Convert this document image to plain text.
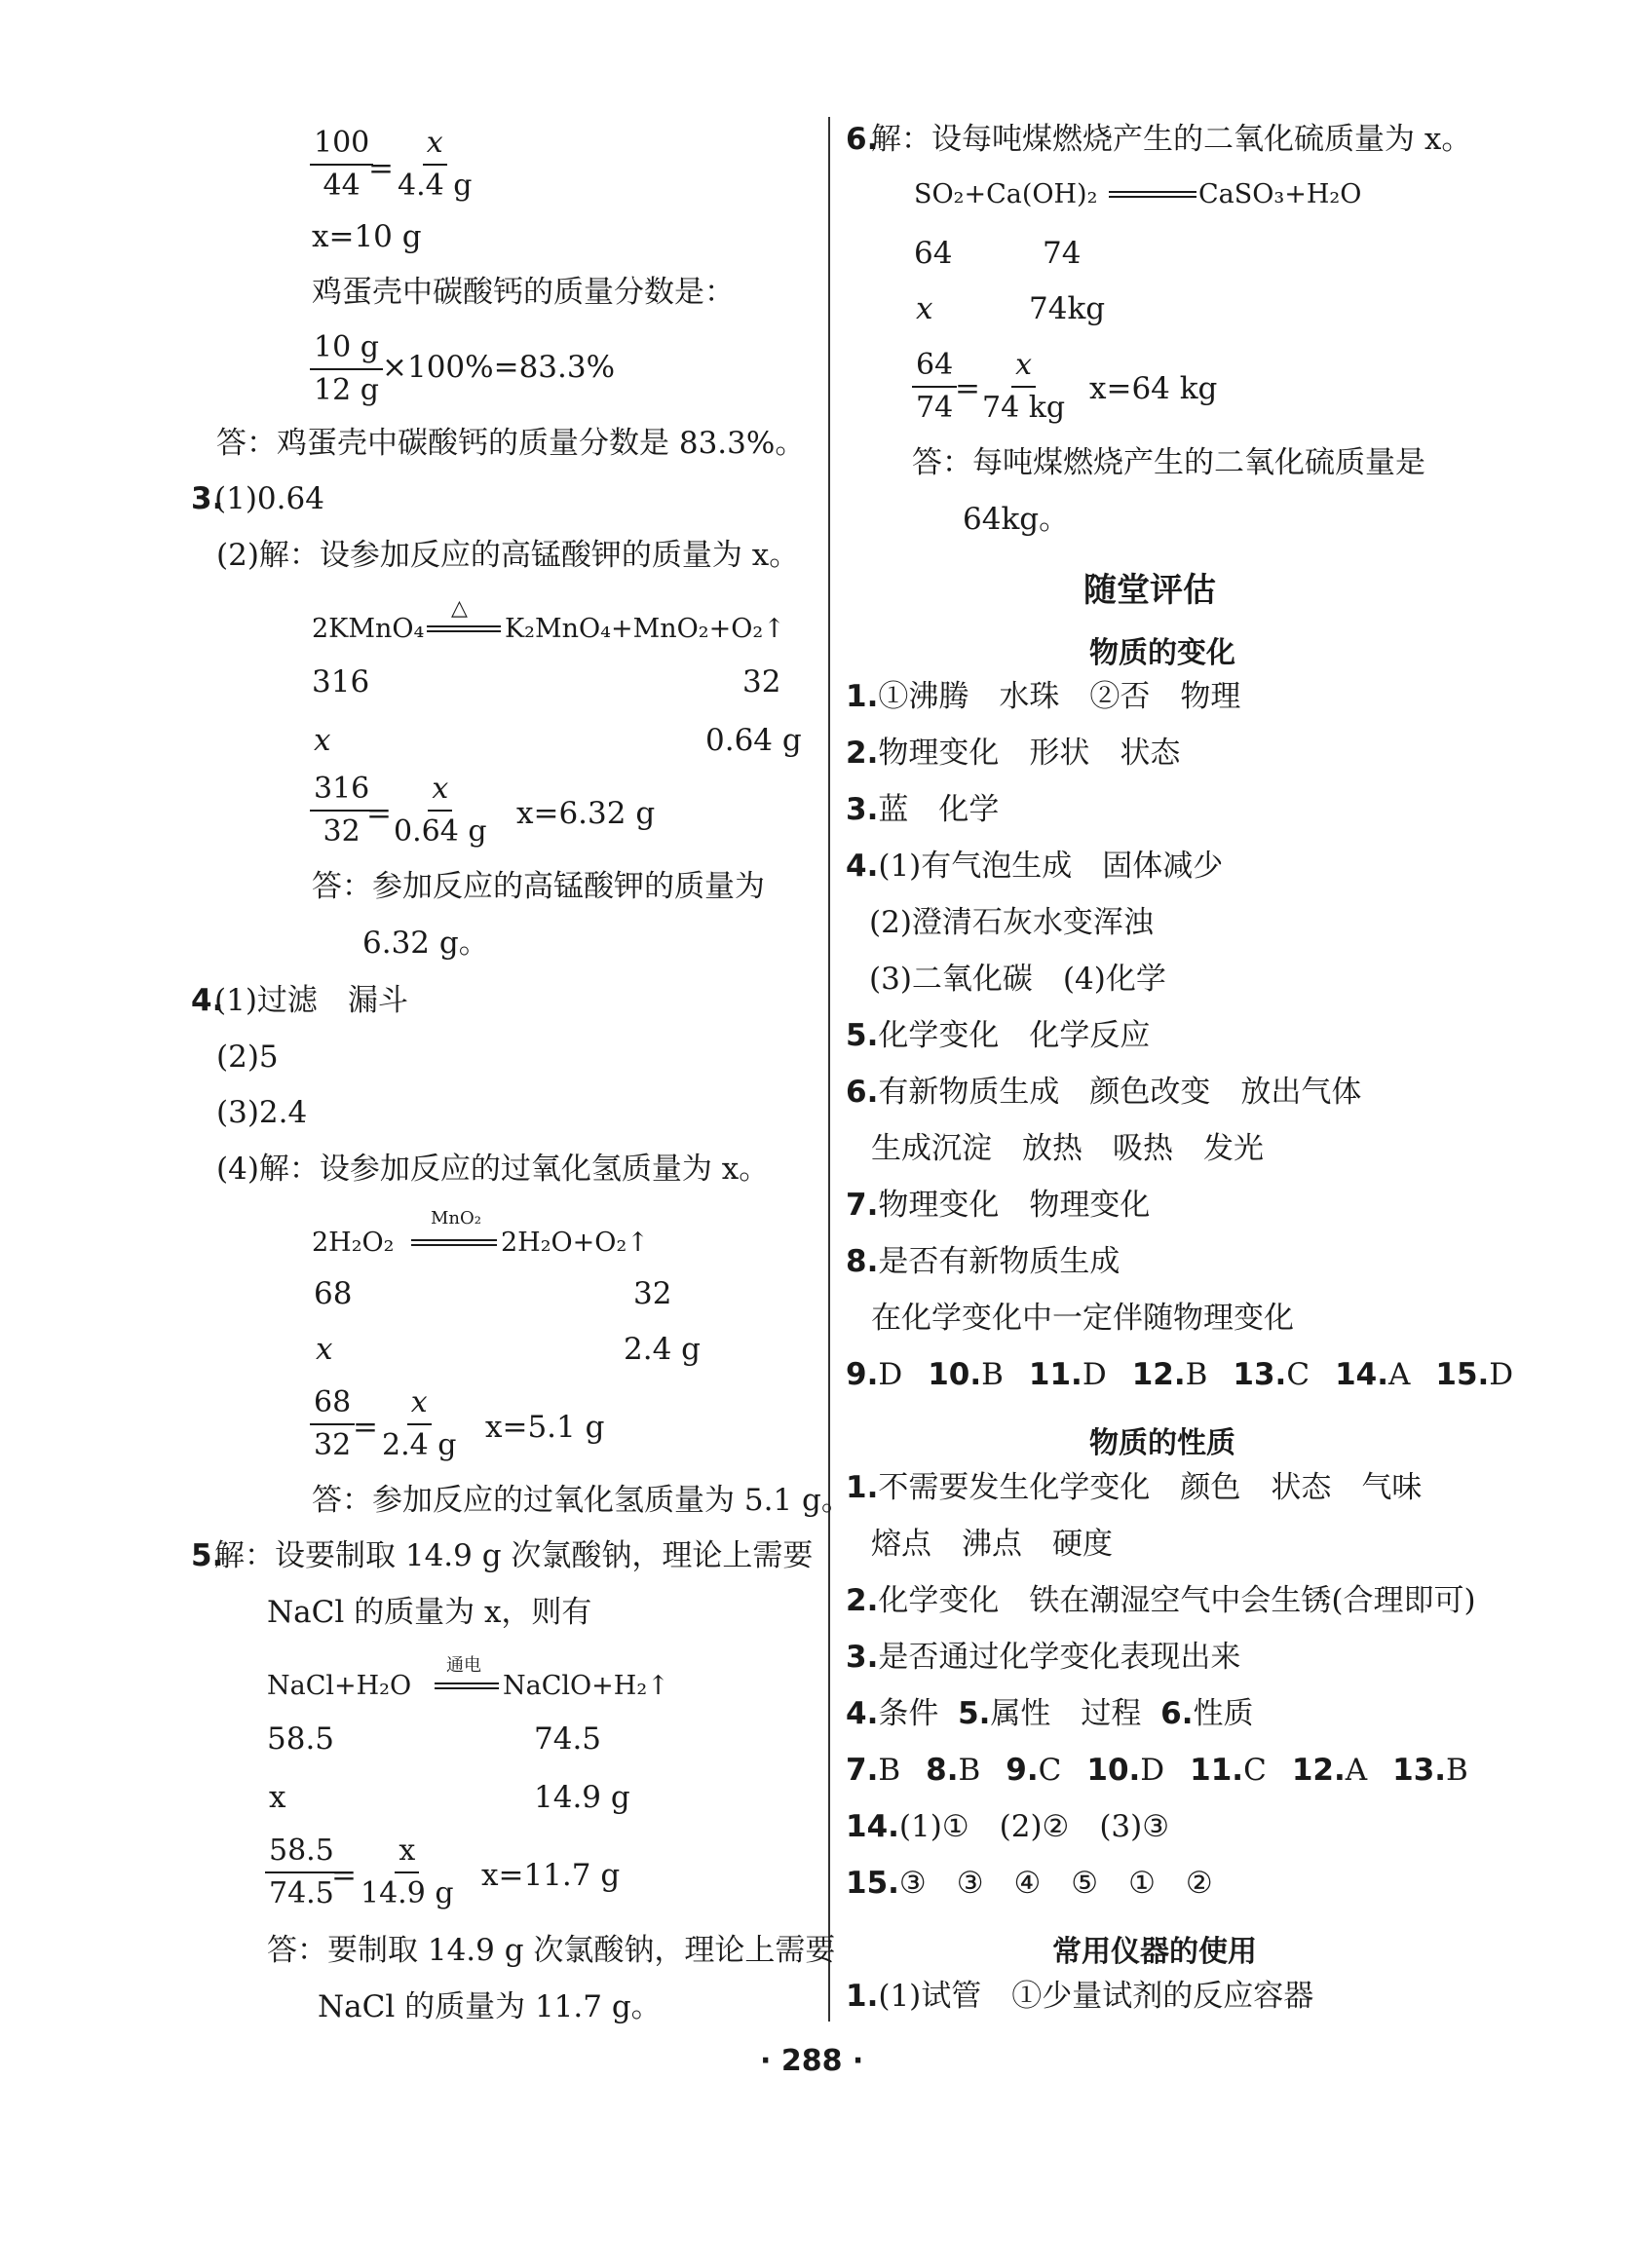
100
44 =
x
4.4 g
x=10 g
鸡蛋壳中碳酸钙的质量分数是：
10 g
12 g
×100%=83.3%
答：鸡蛋壳中碳酸钙的质量分数是 83.3%。
3.
(1)0.64
(2)解：设参加反应的高锰酸钾的质量为 x。
2KMnO₄
△
K₂MnO₄+MnO₂+O₂↑
316	32
x	0.64 g
316
32
=
x
0.64 g
x=6.32 g
答：参加反应的高锰酸钾的质量为
6.32 g。
4.
(1)过滤　漏斗
(2)5
(3)2.4
(4)解：设参加反应的过氧化氢质量为 x。
2H₂O₂
MnO₂
2H₂O+O₂↑
68	32
x	2.4 g
68
32
=
x
2.4 g
x=5.1 g
答：参加反应的过氧化氢质量为 5.1 g。
5.
解：设要制取 14.9 g 次氯酸钠，理论上需要
NaCl 的质量为 x，则有
NaCl+H₂O
通电
NaClO+H₂↑
58.5	74.5
x	14.9 g
58.5
74.5
=
x
14.9 g
x=11.7 g
答：要制取 14.9 g 次氯酸钠，理论上需要
NaCl 的质量为 11.7 g。
6.
解：设每吨煤燃烧产生的二氧化硫质量为 x。
SO₂+Ca(OH)₂	CaSO₃+H₂O
64	74
x	74kg
64
74
=
x
74 kg
x=64 kg
答：每吨煤燃烧产生的二氧化硫质量是
64kg。
随堂评估
物质的变化
1.①沸腾　水珠　②否　物理
2.物理变化　形状　状态
3.蓝　化学
4.(1)有气泡生成　固体减少
(2)澄清石灰水变浑浊
(3)二氧化碳　(4)化学
5.化学变化　化学反应
6.有新物质生成　颜色改变　放出气体
生成沉淀　放热　吸热　发光
7.物理变化　物理变化
8.是否有新物质生成
在化学变化中一定伴随物理变化
9.D 10.B 11.D 12.B 13.C 14.A 15.D
物质的性质
1.不需要发生化学变化　颜色　状态　气味
熔点　沸点　硬度
2.化学变化　铁在潮湿空气中会生锈(合理即可)
3.是否通过化学变化表现出来
4.条件 5.属性　过程 6.性质
7.B 8.B 9.C 10.D 11.C 12.A 13.B
14.(1)①　(2)②　(3)③
15.③　③　④　⑤　①　②
常用仪器的使用
1.(1)试管　①少量试剂的反应容器
· 288 ·
